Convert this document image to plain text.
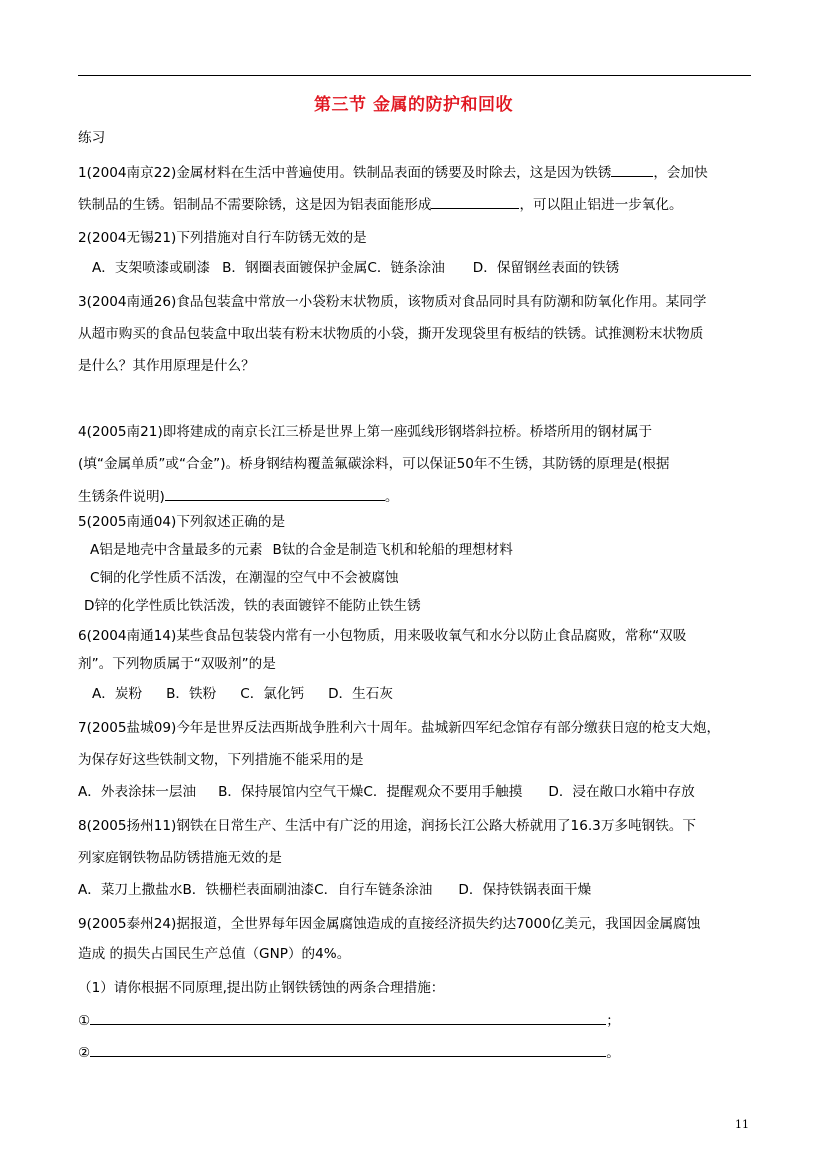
第三节 金属的防护和回收
练习
1(2004南京22)金属材料在生活中普遍使用。铁制品表面的锈要及时除去，这是因为铁锈	，会加快
铁制品的生锈。铝制品不需要除锈，这是因为铝表面能形成	，可以阻止铝进一步氧化。
2(2004无锡21)下列措施对自行车防锈无效的是
A．支架喷漆或刷漆 B．钢圈表面镀保护金属C．链条涂油 D．保留钢丝表面的铁锈
3(2004南通26)食品包装盒中常放一小袋粉末状物质，该物质对食品同时具有防潮和防氧化作用。某同学
从超市购买的食品包装盒中取出装有粉末状物质的小袋，撕开发现袋里有板结的铁锈。试推测粉末状物质
是什么？其作用原理是什么？
4(2005南21)即将建成的南京长江三桥是世界上第一座弧线形钢塔斜拉桥。桥塔所用的钢材属于
(填“金属单质”或“合金”)。桥身钢结构覆盖氟碳涂料，可以保证50年不生锈，其防锈的原理是(根据
生锈条件说明)	。
5(2005南通04)下列叙述正确的是
A铝是地壳中含量最多的元素 B钛的合金是制造飞机和轮船的理想材料
C铜的化学性质不活泼，在潮湿的空气中不会被腐蚀
D锌的化学性质比铁活泼，铁的表面镀锌不能防止铁生锈
6(2004南通14)某些食品包装袋内常有一小包物质，用来吸收氧气和水分以防止食品腐败，常称“双吸
剂”。下列物质属于“双吸剂”的是
A．炭粉 B．铁粉 C．氯化钙 D．生石灰
7(2005盐城09)今年是世界反法西斯战争胜利六十周年。盐城新四军纪念馆存有部分缴获日寇的枪支大炮，
为保存好这些铁制文物，下列措施不能采用的是
A．外表涂抹一层油 B．保持展馆内空气干燥C．提醒观众不要用手触摸 D．浸在敞口水箱中存放
8(2005扬州11)钢铁在日常生产、生活中有广泛的用途，润扬长江公路大桥就用了16.3万多吨钢铁。下
列家庭钢铁物品防锈措施无效的是
A．菜刀上撒盐水B．铁栅栏表面刷油漆C．自行车链条涂油 D．保持铁锅表面干燥
9(2005泰州24)据报道，全世界每年因金属腐蚀造成的直接经济损失约达7000亿美元，我国因金属腐蚀
造成 的损失占国民生产总值（GNP）的4%。
（1）请你根据不同原理,提出防止钢铁锈蚀的两条合理措施：
①	；
②	。
11
